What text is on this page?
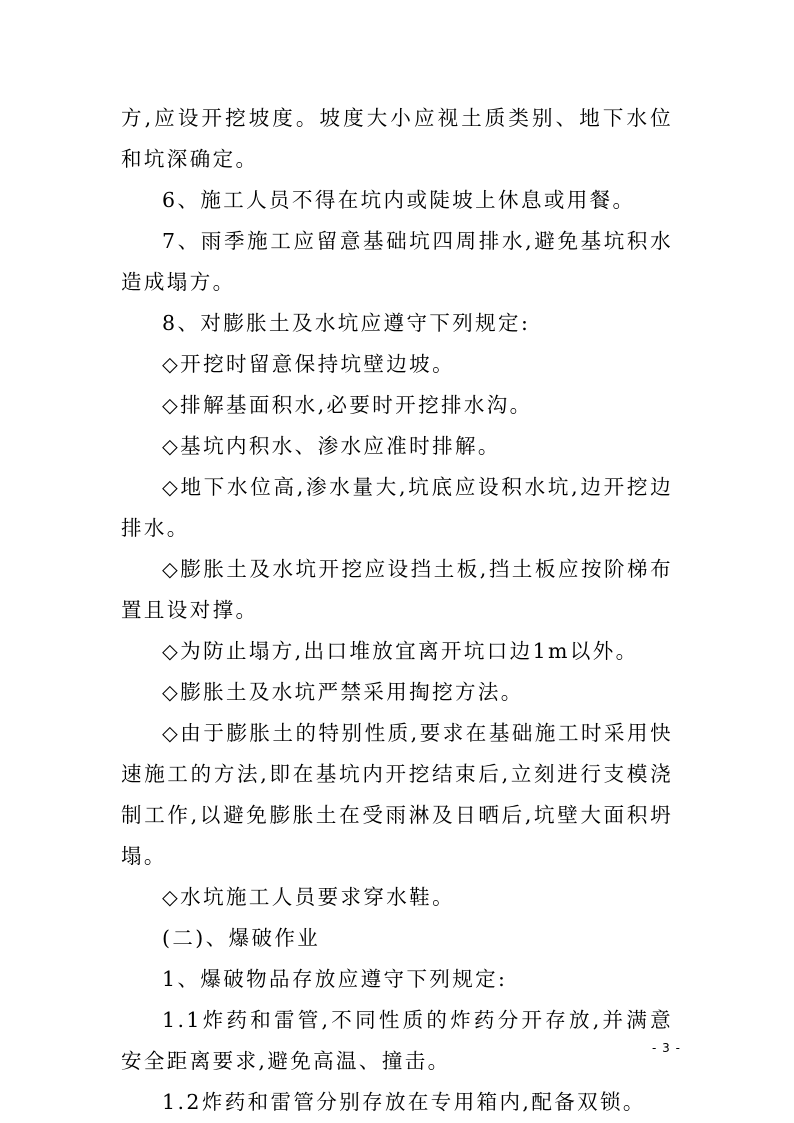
方,应设开挖坡度。坡度大小应视土质类别、地下水位和坑深确定。

6、施工人员不得在坑内或陡坡上休息或用餐。

7、雨季施工应留意基础坑四周排水,避免基坑积水造成塌方。

8、对膨胀土及水坑应遵守下列规定:

◇开挖时留意保持坑壁边坡。

◇排解基面积水,必要时开挖排水沟。

◇基坑内积水、渗水应准时排解。

◇地下水位高,渗水量大,坑底应设积水坑,边开挖边排水。

◇膨胀土及水坑开挖应设挡土板,挡土板应按阶梯布置且设对撑。

◇为防止塌方,出口堆放宜离开坑口边1m以外。

◇膨胀土及水坑严禁采用掏挖方法。

◇由于膨胀土的特别性质,要求在基础施工时采用快速施工的方法,即在基坑内开挖结束后,立刻进行支模浇制工作,以避免膨胀土在受雨淋及日晒后,坑壁大面积坍塌。

◇水坑施工人员要求穿水鞋。

(二)、爆破作业

1、爆破物品存放应遵守下列规定:

1.1炸药和雷管,不同性质的炸药分开存放,并满意安全距离要求,避免高温、撞击。

1.2炸药和雷管分别存放在专用箱内,配备双锁。

- 3 -
